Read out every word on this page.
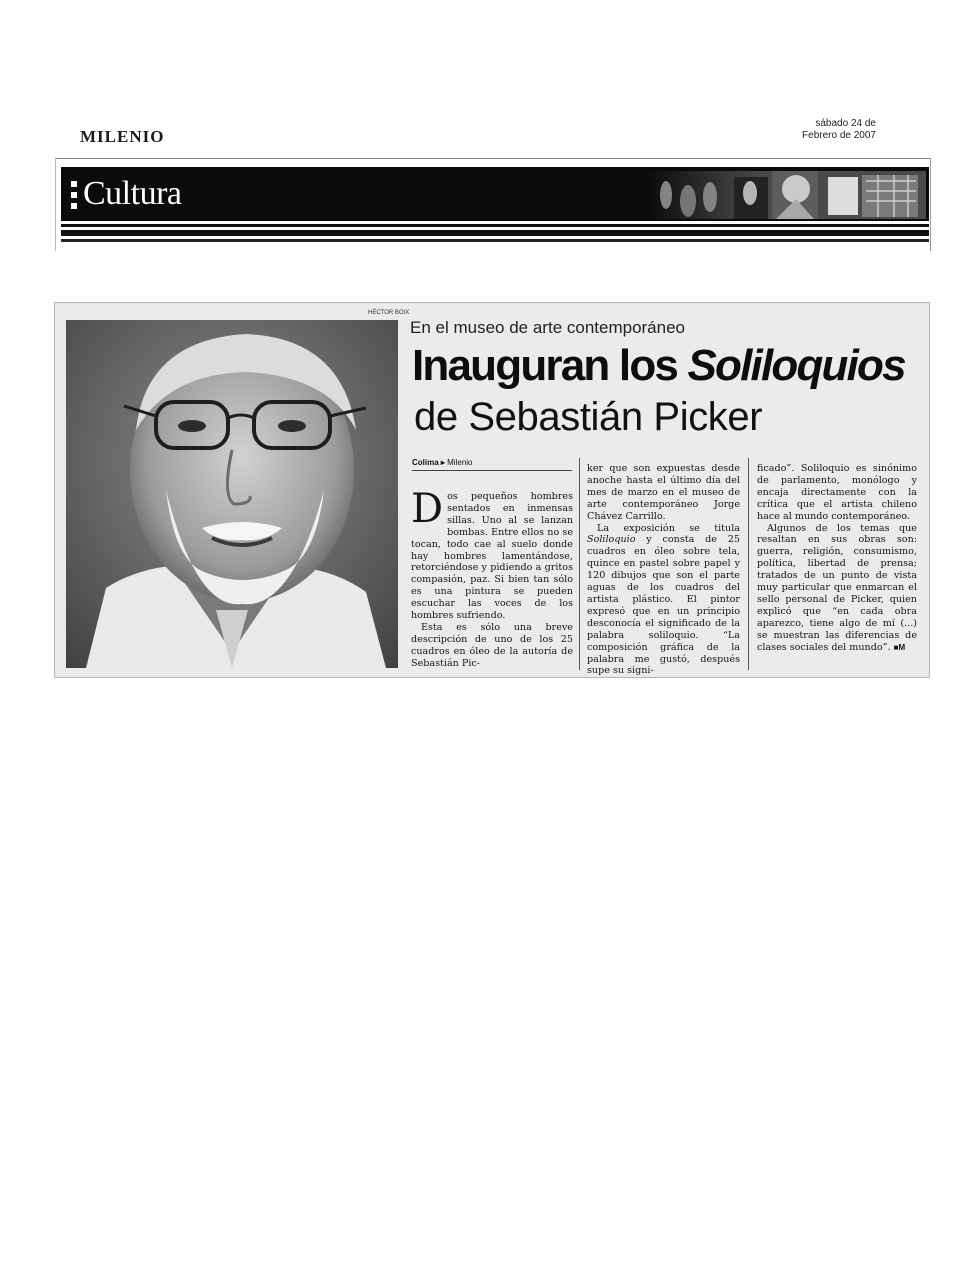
MILENIO
sábado 24 de
Febrero de 2007
Cultura
HÉCTOR BOIX
En el museo de arte contemporáneo
Inauguran los Soliloquios
de Sebastián Picker
Colima ▸ Milenio

Dos pequeños hombres sentados en inmensas sillas. Uno al se lanzan bombas. Entre ellos no se tocan, todo cae al suelo donde hay hombres lamentándose, retorciéndose y pidiendo a gritos compasión, paz. Si bien tan sólo es una pintura se pueden escuchar las voces de los hombres sufriendo.

Esta es sólo una breve descripción de uno de los 25 cuadros en óleo de la autoría de Sebastián Pic-

ker que son expuestas desde anoche hasta el último día del mes de marzo en el museo de arte contemporáneo Jorge Chávez Carrillo.

La exposición se titula Soliloquio y consta de 25 cuadros en óleo sobre tela, quince en pastel sobre papel y 120 dibujos que son el parte aguas de los cuadros del artista plástico. El pintor expresó que en un principio desconocía el significado de la palabra soliloquio. “La composición gráfica de la palabra me gustó, después supe su signi-

ficado”. Soliloquio es sinónimo de parlamento, monólogo y encaja directamente con la crítica que el artista chileno hace al mundo contemporáneo.

Algunos de los temas que resaltan en sus obras son: guerra, religión, consumismo, política, libertad de prensa; tratados de un punto de vista muy particular que enmarcan el sello personal de Picker, quien explicó que “en cada obra aparezco, tiene algo de mí (...) se muestran las diferencias de clases sociales del mundo”. ■M
